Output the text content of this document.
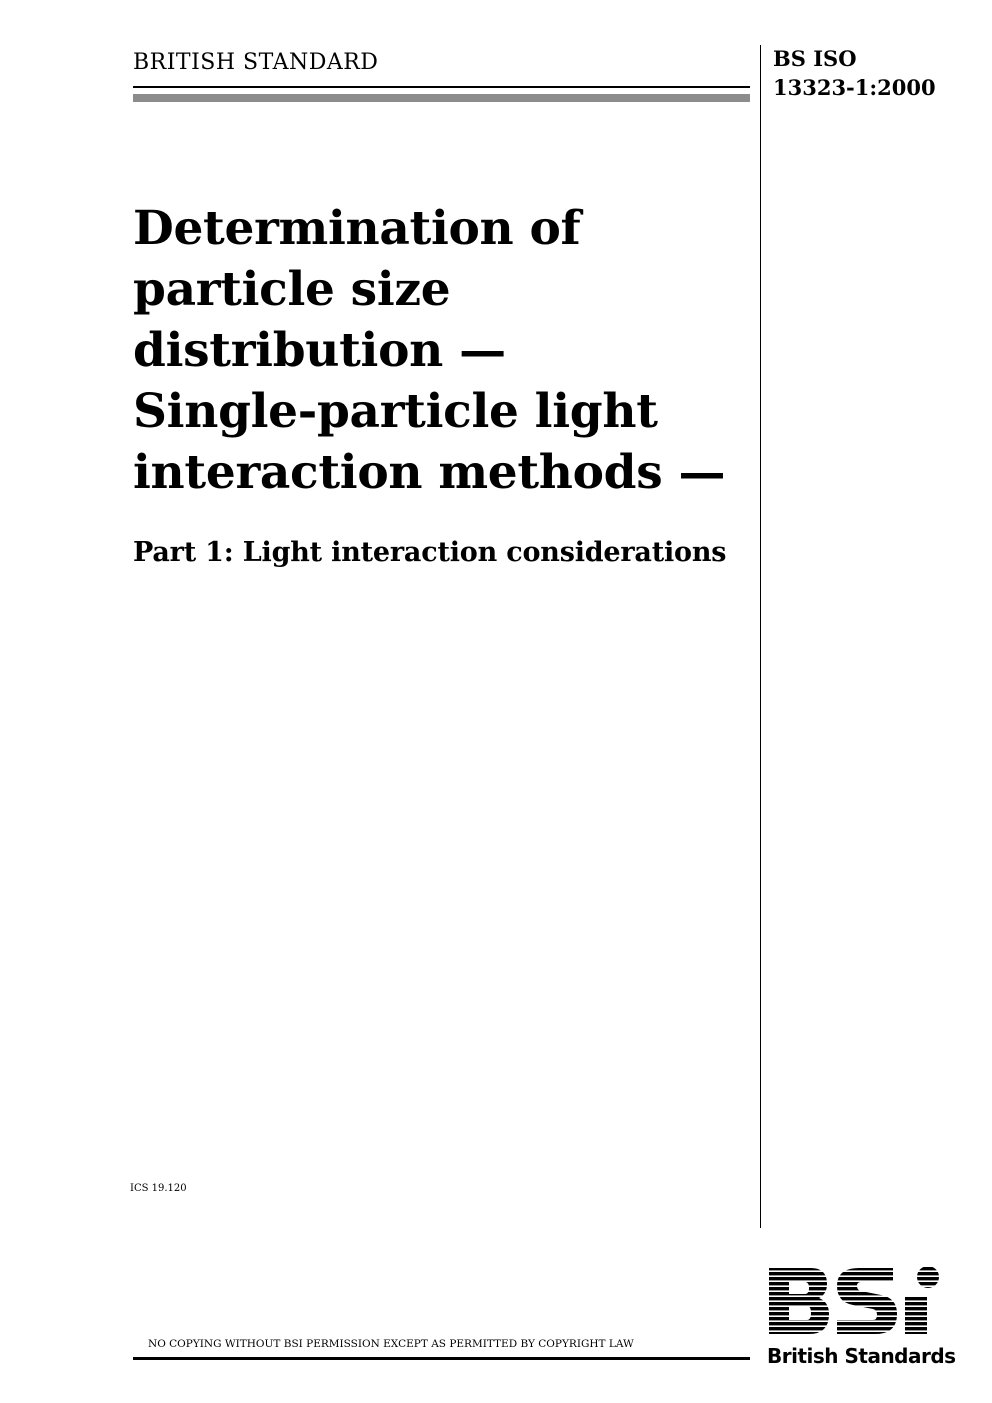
BRITISH STANDARD	BS ISO
13323-1:2000
Determination of
particle size
distribution —
Single-particle light
interaction methods —
Part 1: Light interaction considerations
ICS 19.120
NO COPYING WITHOUT BSI PERMISSION EXCEPT AS PERMITTED BY COPYRIGHT LAW	British Standards
